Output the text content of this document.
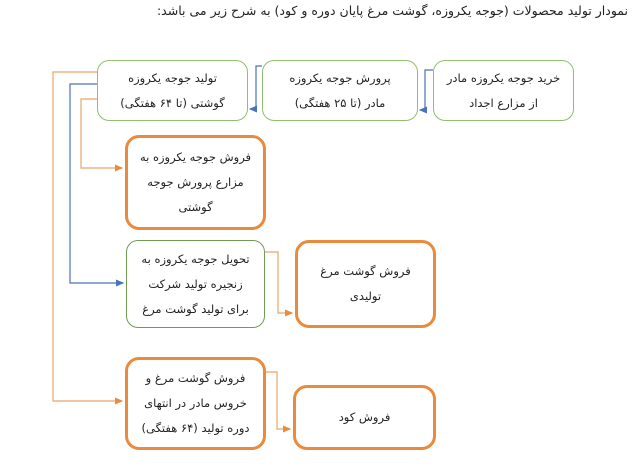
نمودار تولید محصولات (جوجه یکروزه، گوشت مرغ پایان دوره و کود) به شرح زیر می باشد:
خرید جوجه یکروزه مادر
از مزارع اجداد
پرورش جوجه یکروزه
مادر (تا ۲۵ هفتگی)
تولید جوجه یکروزه
گوشتی (تا ۶۴ هفتگی)
فروش جوجه یکروزه به
مزارع پرورش جوجه
گوشتی
تحویل جوجه یکروزه به
زنجیره تولید شرکت
برای تولید گوشت مرغ
فروش گوشت مرغ
تولیدی
فروش گوشت مرغ و
خروس مادر در انتهای
دوره تولید (۶۴ هفتگی)
فروش کود
